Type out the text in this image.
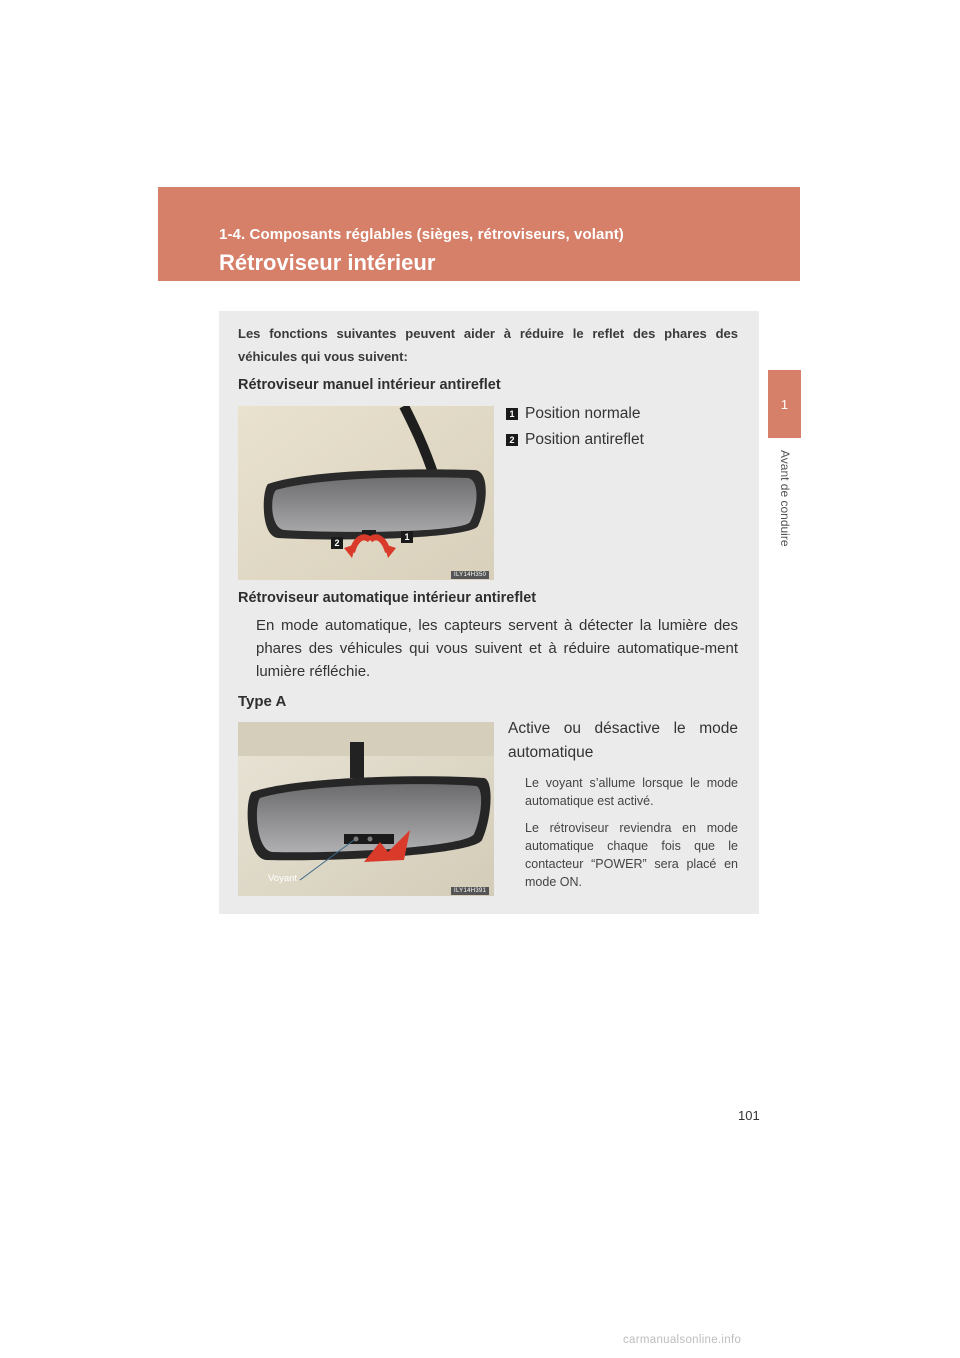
1-4. Composants réglables (sièges, rétroviseurs, volant)

Rétroviseur intérieur
1
Avant de conduire

Les fonctions suivantes peuvent aider à réduire le reflet des phares des véhicules qui vous suivent:

Rétroviseur manuel intérieur antireflet

2
1
ILY14H350
1 Position normale

2 Position antireflet

Rétroviseur automatique intérieur antireflet

En mode automatique, les capteurs servent à détecter la lumière des phares des véhicules qui vous suivent et à réduire automatique-ment lumière réfléchie.

Type A

Voyant

ILY14H391

Active ou désactive le mode automatique

Le voyant s’allume lorsque le mode automatique est activé.

Le rétroviseur reviendra en mode automatique chaque fois que le contacteur “POWER” sera placé en mode ON.

101
carmanualsonline.info
